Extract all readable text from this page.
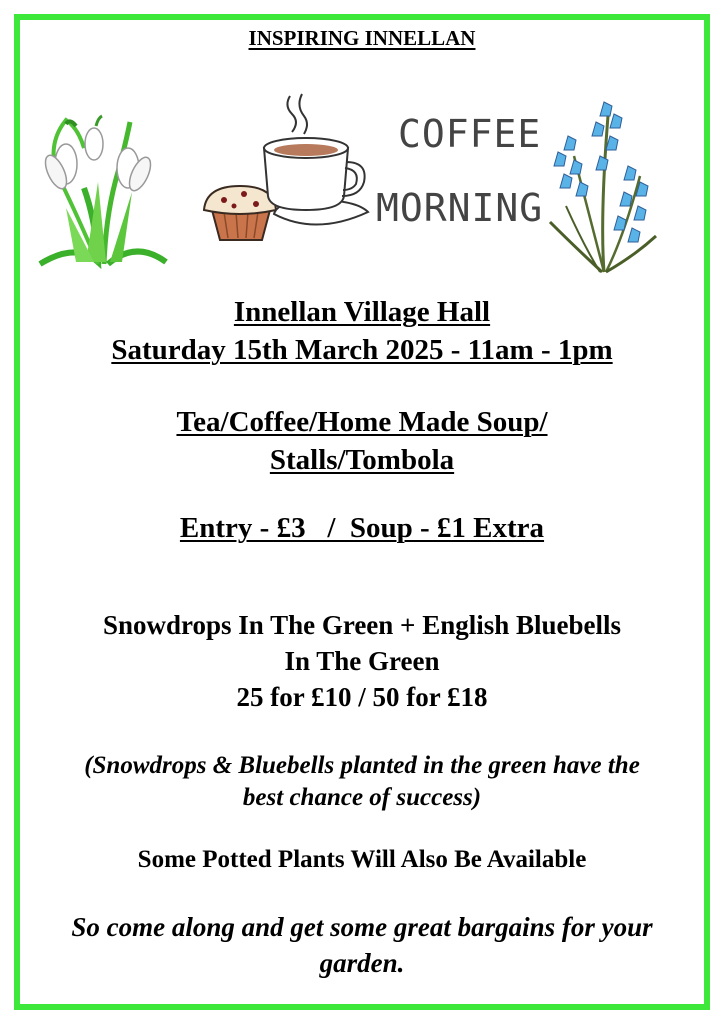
INSPIRING INNELLAN
COFFEE
MORNING
Innellan Village Hall
Saturday 15th March 2025 - 11am - 1pm
Tea/Coffee/Home Made Soup/
Stalls/Tombola
Entry - £3   /  Soup - £1 Extra
Snowdrops In The Green + English Bluebells
In The Green
25 for £10 / 50 for £18
(Snowdrops & Bluebells planted in the green have the
best chance of success)
Some Potted Plants Will Also Be Available
So come along and get some great bargains for your
garden.
